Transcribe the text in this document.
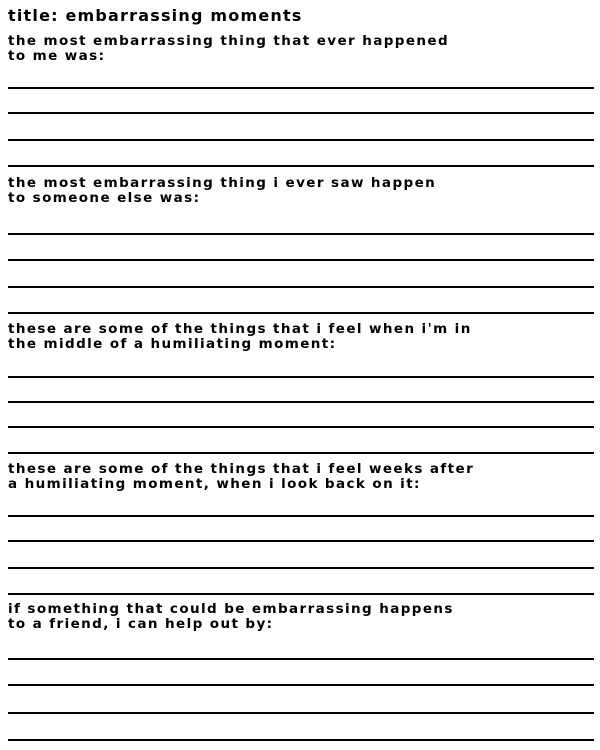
title: embarrassing moments
the most embarrassing thing that ever happened
to me was:
the most embarrassing thing i ever saw happen
to someone else was:
these are some of the things that i feel when i'm in
the middle of a humiliating moment:
these are some of the things that i feel weeks after
a humiliating moment, when i look back on it:
if something that could be embarrassing happens
to a friend, i can help out by:
